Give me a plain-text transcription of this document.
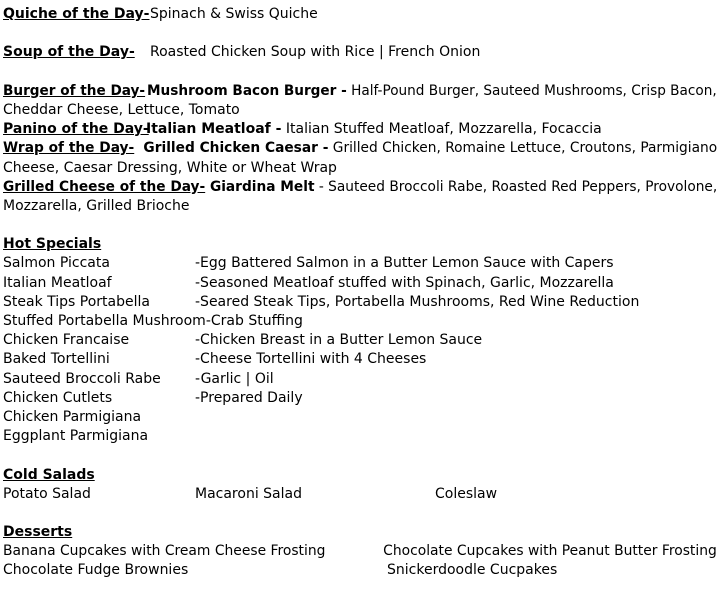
Quiche of the Day- Spinach & Swiss Quiche
Soup of the Day- Roasted Chicken Soup with Rice | French Onion
Burger of the Day- Mushroom Bacon Burger - Half-Pound Burger, Sauteed Mushrooms, Crisp Bacon,
Cheddar Cheese, Lettuce, Tomato
Panino of the Day-
Italian Meatloaf - Italian Stuffed Meatloaf, Mozzarella, Focaccia
Wrap of the Day- Grilled Chicken Caesar - Grilled Chicken, Romaine Lettuce, Croutons, Parmigiano
Cheese, Caesar Dressing, White or Wheat Wrap
Grilled Cheese of the Day- Giardina Melt - Sauteed Broccoli Rabe, Roasted Red Peppers, Provolone,
Mozzarella, Grilled Brioche
Hot Specials
Salmon Piccata	-Egg Battered Salmon in a Butter Lemon Sauce with Capers
Italian Meatloaf	-Seasoned Meatloaf stuffed with Spinach, Garlic, Mozzarella
Steak Tips Portabella	-Seared Steak Tips, Portabella Mushrooms, Red Wine Reduction
Stuffed Portabella Mushroom-Crab Stuffing
Chicken Francaise	-Chicken Breast in a Butter Lemon Sauce
Baked Tortellini	-Cheese Tortellini with 4 Cheeses
Sauteed Broccoli Rabe -Garlic | Oil
Chicken Cutlets	-Prepared Daily
Chicken Parmigiana
Eggplant Parmigiana
Cold Salads
Potato Salad	Macaroni Salad	Coleslaw
Desserts
Banana Cupcakes with Cream Cheese Frosting	Chocolate Cupcakes with Peanut Butter Frosting
Chocolate Fudge Brownies	Snickerdoodle Cucpakes
